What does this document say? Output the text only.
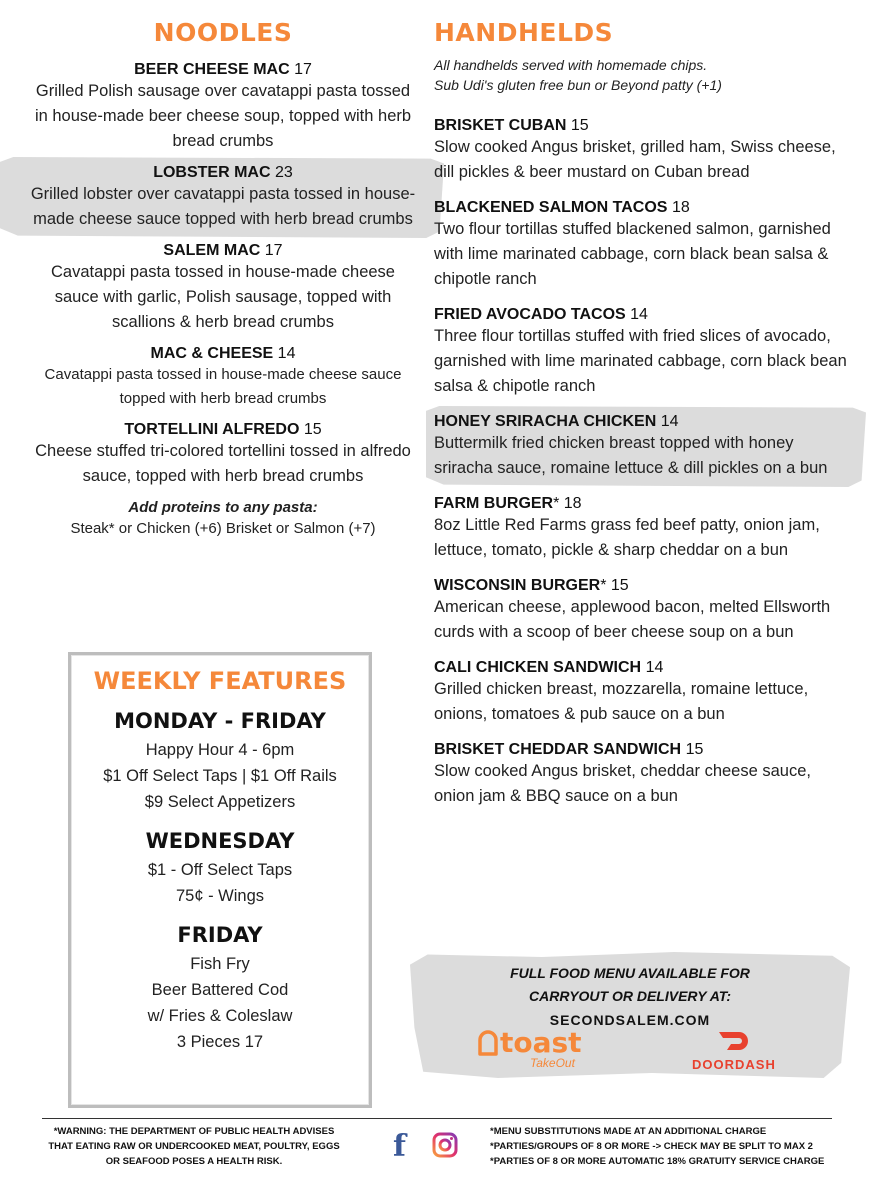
NOODLES
BEER CHEESE MAC 17
Grilled Polish sausage over cavatappi pasta tossed in house-made beer cheese soup, topped with herb bread crumbs
LOBSTER MAC 23
Grilled lobster over cavatappi pasta tossed in house-made cheese sauce topped with herb bread crumbs
SALEM MAC 17
Cavatappi pasta tossed in house-made cheese sauce with garlic, Polish sausage, topped with scallions & herb bread crumbs
MAC & CHEESE 14
Cavatappi pasta tossed in house-made cheese sauce topped with herb bread crumbs
TORTELLINI ALFREDO 15
Cheese stuffed tri-colored tortellini tossed in alfredo sauce, topped with herb bread crumbs
Add proteins to any pasta:
Steak* or Chicken (+6) Brisket or Salmon (+7)
WEEKLY FEATURES
MONDAY - FRIDAY
Happy Hour 4 - 6pm
$1 Off Select Taps | $1 Off Rails
$9 Select Appetizers
WEDNESDAY
$1 - Off Select Taps
75¢ - Wings
FRIDAY
Fish Fry
Beer Battered Cod
w/ Fries & Coleslaw
3 Pieces 17
HANDHELDS
All handhelds served with homemade chips.
Sub Udi's gluten free bun or Beyond patty (+1)
BRISKET CUBAN 15
Slow cooked Angus brisket, grilled ham, Swiss cheese, dill pickles & beer mustard on Cuban bread
BLACKENED SALMON TACOS 18
Two flour tortillas stuffed blackened salmon, garnished with lime marinated cabbage, corn black bean salsa & chipotle ranch
FRIED AVOCADO TACOS 14
Three flour tortillas stuffed with fried slices of avocado, garnished with lime marinated cabbage, corn black bean salsa & chipotle ranch
HONEY SRIRACHA CHICKEN 14
Buttermilk fried chicken breast topped with honey sriracha sauce, romaine lettuce & dill pickles on a bun
FARM BURGER* 18
8oz Little Red Farms grass fed beef patty, onion jam, lettuce, tomato, pickle & sharp cheddar on a bun
WISCONSIN BURGER* 15
American cheese, applewood bacon, melted Ellsworth curds with a scoop of beer cheese soup on a bun
CALI CHICKEN SANDWICH 14
Grilled chicken breast, mozzarella, romaine lettuce, onions, tomatoes & pub sauce on a bun
BRISKET CHEDDAR SANDWICH 15
Slow cooked Angus brisket, cheddar cheese sauce, onion jam & BBQ sauce on a bun
FULL FOOD MENU AVAILABLE FOR
CARRYOUT OR DELIVERY AT:
SECONDSALEM.COM
toast
TakeOut	DOORDASH
*WARNING: THE DEPARTMENT OF PUBLIC HEALTH ADVISES THAT EATING RAW OR UNDERCOOKED MEAT, POULTRY, EGGS OR SEAFOOD POSES A HEALTH RISK.	f	*MENU SUBSTITUTIONS MADE AT AN ADDITIONAL CHARGE
*PARTIES/GROUPS OF 8 OR MORE -> CHECK MAY BE SPLIT TO MAX 2
*PARTIES OF 8 OR MORE AUTOMATIC 18% GRATUITY SERVICE CHARGE
